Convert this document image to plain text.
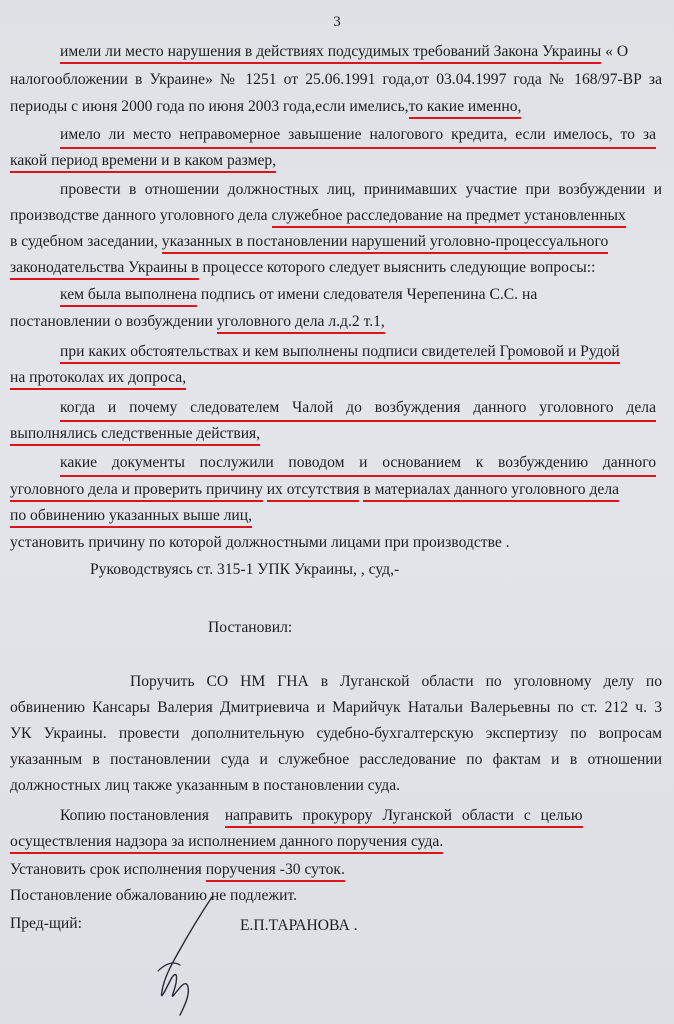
3
имели ли место нарушения в действиях подсудимых требований Закона Украины « О
налогообложении в Украине» № 1251 от 25.06.1991 года,от 03.04.1997 года № 168/97-ВР за
периоды с июня 2000 года по июня 2003 года,если имелись,то какие именно,
имело ли место неправомерное завышение налогового кредита, если имелось, то за
какой период времени и в каком размер,
провести в отношении должностных лиц, принимавших участие при возбуждении и
производстве данного уголовного дела служебное расследование на предмет установленных
в судебном заседании, указанных в постановлении нарушений уголовно-процессуального
законодательства Украины в процессе которого следует выяснить следующие вопросы::
кем была выполнена подпись от имени следователя Черепенина С.С. на
постановлении о возбуждении уголовного дела л.д.2 т.1,
при каких обстоятельствах и кем выполнены подписи свидетелей Громовой и Рудой
на протоколах их допроса,
когда и почему следователем Чалой до возбуждения данного уголовного дела
выполнялись следственные действия,
какие документы послужили поводом и основанием к возбуждению данного
уголовного дела и проверить причину их отсутствия в материалах данного уголовного дела
по обвинению указанных выше лиц,
установить причину по которой должностными лицами при производстве .
Руководствуясь ст. 315-1 УПК Украины, , суд,-
Постановил:
Поручить СО НМ ГНА в Луганской области по уголовному делу по
обвинению Кансары Валерия Дмитриевича и Марийчук Натальи Валерьевны по ст. 212 ч. 3
УК Украины. провести дополнительную судебно-бухгалтерскую экспертизу по вопросам
указанным в постановлении суда и служебное расследование по фактам и в отношении
должностных лиц также указанным в постановлении суда.
Копию постановления направить прокурору Луганской области с целью
осуществления надзора за исполнением данного поручения суда.
Установить срок исполнения поручения -30 суток.
Постановление обжалованию не подлежит.
Пред-щий:	Е.П.ТАРАНОВА .
